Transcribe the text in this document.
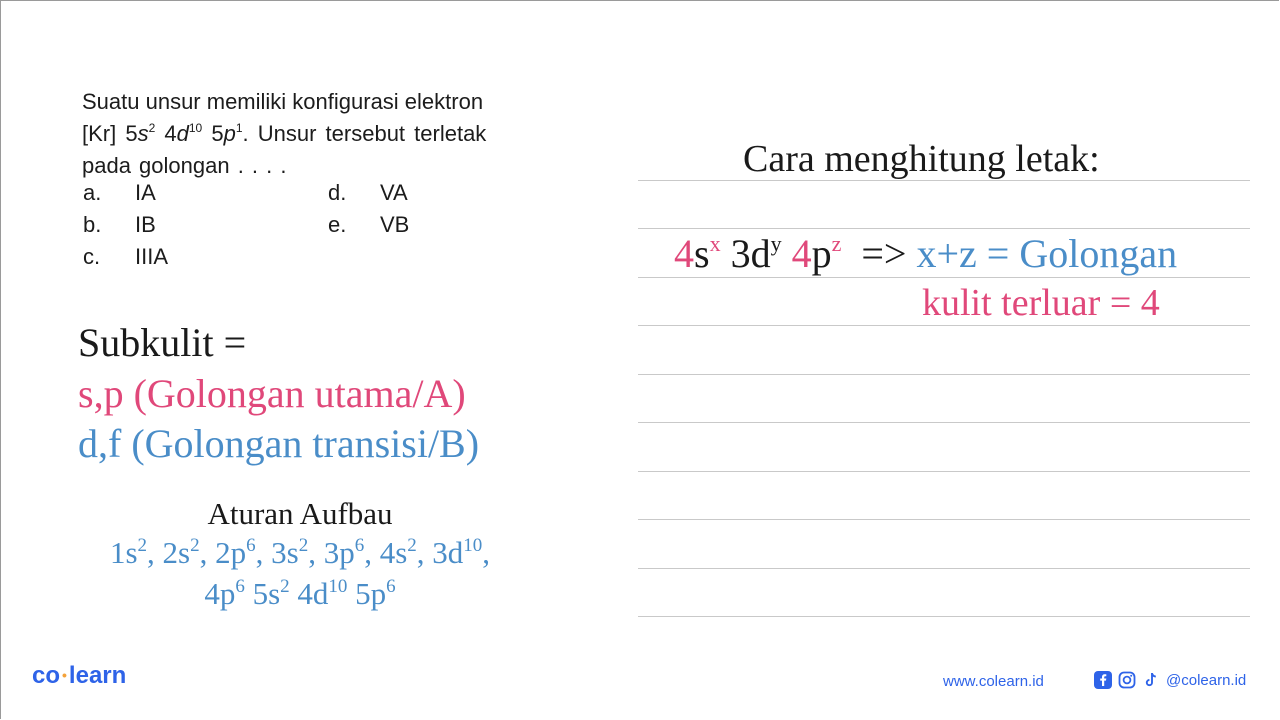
Suatu unsur memiliki konfigurasi elektron
[Kr] $5s^2$ $4d^{10}$ $5p^1$. Unsur tersebut terletak
pada golongan . . . .
a. IA
b. IB
c. IIIA
d. VA
e. VB
Subkulit =
s,p (Golongan utama/A)
d,f (Golongan transisi/B)
Aturan Aufbau
$1s^2$, $2s^2$, $2p^6$, $3s^2$, $3p^6$, $4s^2$, $3d^{10}$,
$4p^6$ $5s^2$ $4d^{10}$ $5p^6$
Cara menghitung letak:
$4s^x$ $3d^y$ $4p^z => x+z$ = Golongan
kulit terluar = 4
co •learn	www.colearn.id	@colearn.id
